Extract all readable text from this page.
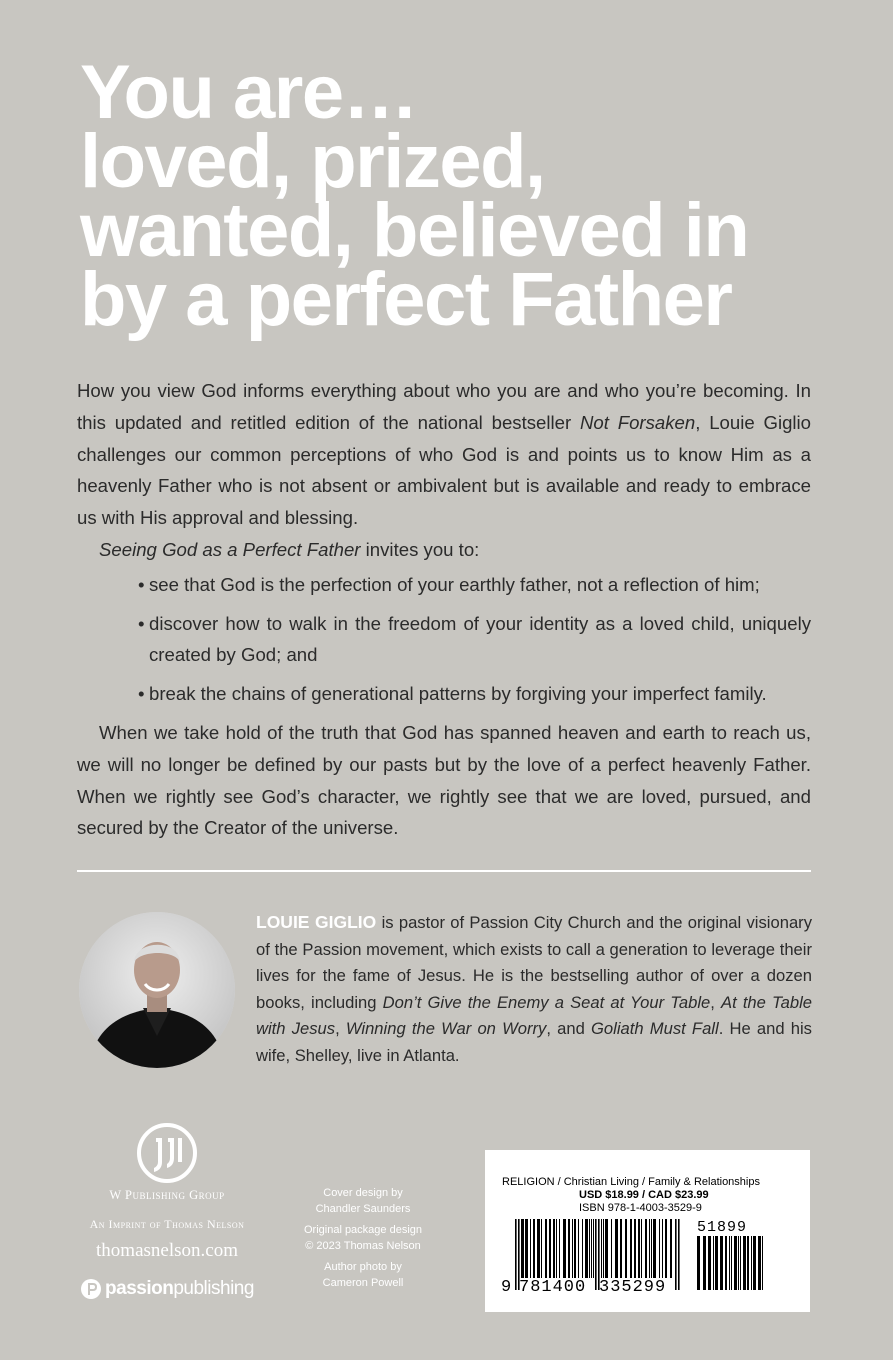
You are…
loved, prized,
wanted, believed in
by a perfect Father

How you view God informs everything about who you are and who you’re becoming. In this updated and retitled edition of the national bestseller Not Forsaken, Louie Giglio challenges our common perceptions of who God is and points us to know Him as a heavenly Father who is not absent or ambivalent but is available and ready to embrace us with His approval and blessing.

Seeing God as a Perfect Father invites you to:

• see that God is the perfection of your earthly father, not a reflection of him;
• discover how to walk in the freedom of your identity as a loved child, uniquely created by God; and
• break the chains of generational patterns by forgiving your imperfect family.

When we take hold of the truth that God has spanned heaven and earth to reach us, we will no longer be defined by our pasts but by the love of a perfect heavenly Father. When we rightly see God’s character, we rightly see that we are loved, pursued, and secured by the Creator of the universe.

LOUIE GIGLIO is pastor of Passion City Church and the original visionary of the Passion movement, which exists to call a generation to leverage their lives for the fame of Jesus. He is the bestselling author of over a dozen books, including Don’t Give the Enemy a Seat at Your Table, At the Table with Jesus, Winning the War on Worry, and Goliath Must Fall. He and his wife, Shelley, live in Atlanta.
W Publishing Group
An Imprint of Thomas Nelson
thomasnelson.com
passion publishing
Cover design by
Chandler Saunders
Original package design
© 2023 Thomas Nelson
Author photo by
Cameron Powell
RELIGION / Christian Living / Family & Relationships
USD $18.99 / CAD $23.99
ISBN 978-1-4003-3529-9
9 781400 335299
51899
